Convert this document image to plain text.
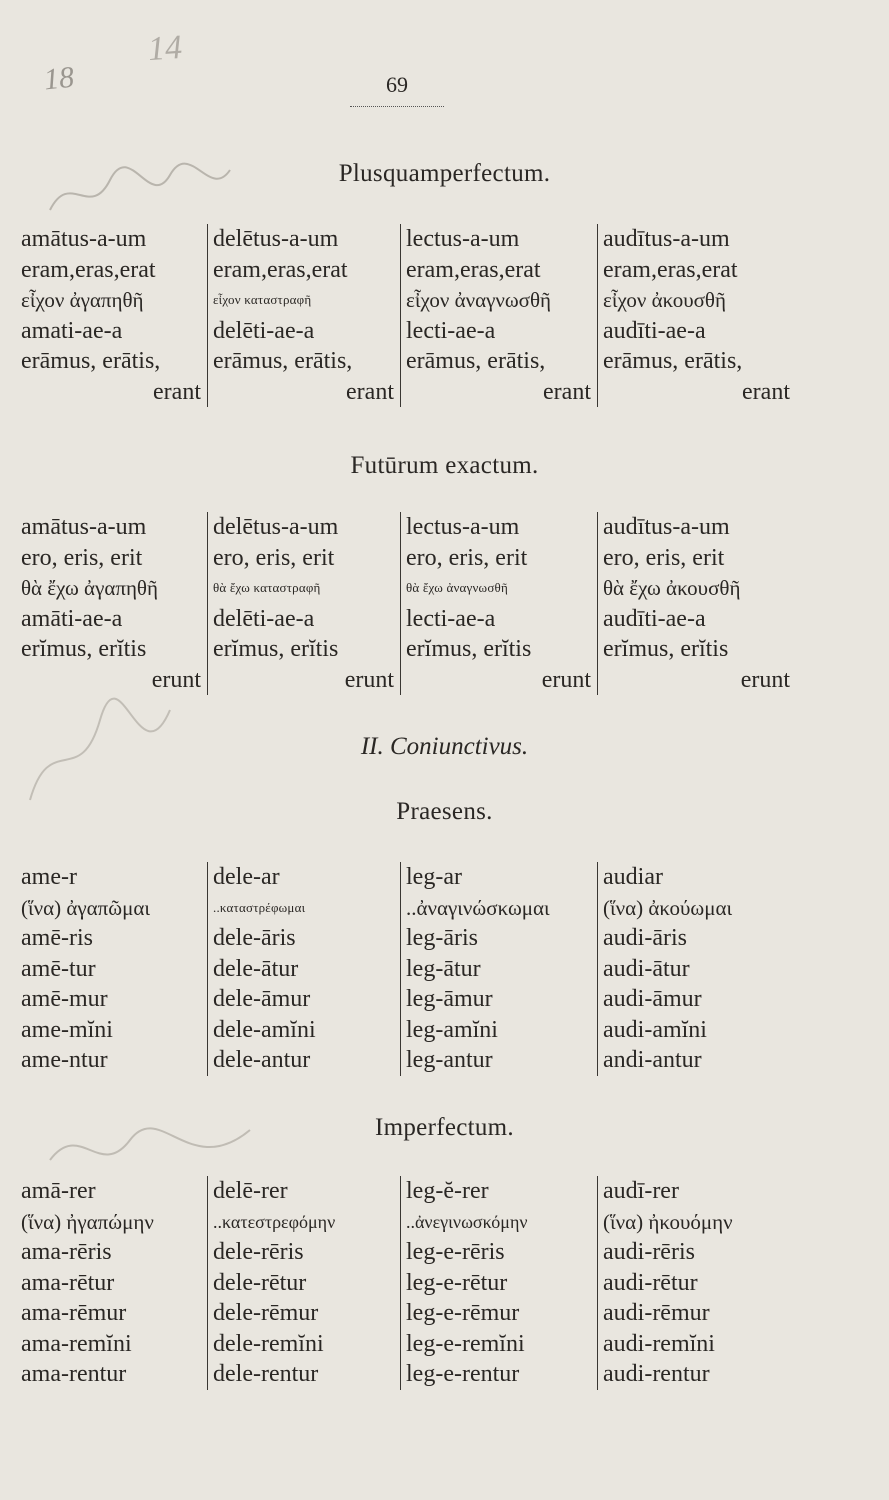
18
14
69
Plusquamperfectum.
amātus-a-um
eram,eras,erat
εἶχον ἀγαπηθῆ
amati-ae-a
erāmus, erātis,
erant
delētus-a-um
eram,eras,erat
εἶχον καταστραφῆ
delēti-ae-a
erāmus, erātis,
erant
lectus-a-um
eram,eras,erat
εἶχον ἀναγνωσθῆ
lecti-ae-a
erāmus, erātis,
erant
audītus-a-um
eram,eras,erat
εἶχον ἀκουσθῆ
audīti-ae-a
erāmus, erātis,
erant
Futūrum exactum.
amātus-a-um
ero, eris, erit
θὰ ἔχω ἀγαπηθῆ
amāti-ae-a
erĭmus, erĭtis
erunt
delētus-a-um
ero, eris, erit
θὰ ἔχω καταστραφῆ
delēti-ae-a
erĭmus, erĭtis
erunt
lectus-a-um
ero, eris, erit
θὰ ἔχω ἀναγνωσθῆ
lecti-ae-a
erĭmus, erĭtis
erunt
audītus-a-um
ero, eris, erit
θὰ ἔχω ἀκουσθῆ
audīti-ae-a
erĭmus, erĭtis
erunt
II. Coniunctivus.
Praesens.
ame-r
(ἵνα) ἀγαπῶμαι
amē-ris
amē-tur
amē-mur
ame-mĭni
ame-ntur
dele-ar
..καταστρέφωμαι
dele-āris
dele-ātur
dele-āmur
dele-amĭni
dele-antur
leg-ar
..ἀναγινώσκωμαι
leg-āris
leg-ātur
leg-āmur
leg-amĭni
leg-antur
audiar
(ἵνα) ἀκούωμαι
audi-āris
audi-ātur
audi-āmur
audi-amĭni
andi-antur
Imperfectum.
amā-rer
(ἵνα) ἠγαπώμην
ama-rēris
ama-rētur
ama-rēmur
ama-remĭni
ama-rentur
delē-rer
..κατεστρεφόμην
dele-rēris
dele-rētur
dele-rēmur
dele-remĭni
dele-rentur
leg-ĕ-rer
..ἀνεγινωσκόμην
leg-e-rēris
leg-e-rētur
leg-e-rēmur
leg-e-remĭni
leg-e-rentur
audī-rer
(ἵνα) ἠκουόμην
audi-rēris
audi-rētur
audi-rēmur
audi-remĭni
audi-rentur
